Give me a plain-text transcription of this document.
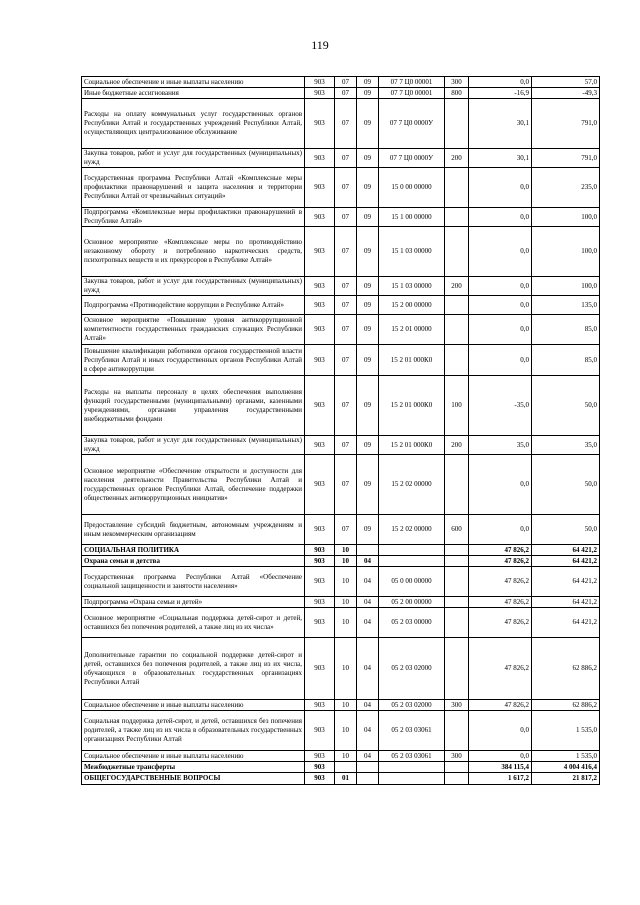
119
Социальное обеспечение и иные выплаты населению	903	07	09	07 7 Ц0 00001	300	0,0	57,0
Иные бюджетные ассигнования	903	07	09	07 7 Ц0 00001	800	-16,9	-49,3
Расходы на оплату коммунальных услуг государственных органов Республики Алтай и государственных учреждений Республики Алтай, осуществляющих централизованное обслуживание	903	07	09	07 7 Ц0 0000У		30,1	791,0
Закупка товаров, работ и услуг для государственных (муниципальных) нужд	903	07	09	07 7 Ц0 0000У	200	30,1	791,0
Государственная программа Республики Алтай «Комплексные меры профилактики правонарушений и защита населения и территории Республики Алтай от чрезвычайных ситуаций»	903	07	09	15 0 00 00000		0,0	235,0
Подпрограмма «Комплексные меры профилактики правонарушений в Республике Алтай»	903	07	09	15 1 00 00000		0,0	100,0
Основное мероприятие «Комплексные меры по противодействию незаконному обороту и потреблению наркотических средств, психотропных веществ и их прекурсоров в Республике Алтай»	903	07	09	15 1 03 00000		0,0	100,0
Закупка товаров, работ и услуг для государственных (муниципальных) нужд	903	07	09	15 1 03 00000	200	0,0	100,0
Подпрограмма «Противодействие коррупции в Республике Алтай»	903	07	09	15 2 00 00000		0,0	135,0
Основное мероприятие «Повышение уровня антикоррупционной компетентности государственных гражданских служащих Республики Алтай»	903	07	09	15 2 01 00000		0,0	85,0
Повышение квалификации работников органов государственной власти Республики Алтай и иных государственных органов Республики Алтай в сфере антикоррупции	903	07	09	15 2 01 000К0		0,0	85,0
Расходы на выплаты персоналу в целях обеспечения выполнения функций государственными (муниципальными) органами, казенными учреждениями, органами управления государственными внебюджетными фондами	903	07	09	15 2 01 000К0	100	-35,0	50,0
Закупка товаров, работ и услуг для государственных (муниципальных) нужд	903	07	09	15 2 01 000К0	200	35,0	35,0
Основное мероприятие «Обеспечение открытости и доступности для населения деятельности Правительства Республики Алтай и государственных органов Республики Алтай, обеспечение поддержки общественных антикоррупционных инициатив»	903	07	09	15 2 02 00000		0,0	50,0
Предоставление субсидий бюджетным, автономным учреждениям и иным некоммерческим организациям	903	07	09	15 2 02 00000	600	0,0	50,0
СОЦИАЛЬНАЯ ПОЛИТИКА	903	10				47 826,2	64 421,2
Охрана семьи и детства	903	10	04			47 826,2	64 421,2
Государственная программа Республики Алтай «Обеспечение социальной защищенности и занятости населения»	903	10	04	05 0 00 00000		47 826,2	64 421,2
Подпрограмма «Охрана семьи и детей»	903	10	04	05 2 00 00000		47 826,2	64 421,2
Основное мероприятие «Социальная поддержка детей-сирот и детей, оставшихся без попечения родителей, а также лиц из их числа»	903	10	04	05 2 03 00000		47 826,2	64 421,2
Дополнительные гарантии по социальной поддержке детей-сирот и детей, оставшихся без попечения родителей, а также лиц из их числа, обучающихся в образовательных государственных организациях Республики Алтай	903	10	04	05 2 03 02000		47 826,2	62 886,2
Социальное обеспечение и иные выплаты населению	903	10	04	05 2 03 02000	300	47 826,2	62 886,2
Социальная поддержка детей-сирот, и детей, оставшихся без попечения родителей, а также лиц из их числа в образовательных государственных организациях Республики Алтай	903	10	04	05 2 03 03061		0,0	1 535,0
Социальное обеспечение и иные выплаты населению	903	10	04	05 2 03 03061	300	0,0	1 535,0
Межбюджетные трансферты	903					384 115,4	4 004 416,4
ОБЩЕГОСУДАРСТВЕННЫЕ ВОПРОСЫ	903	01				1 617,2	21 817,2
